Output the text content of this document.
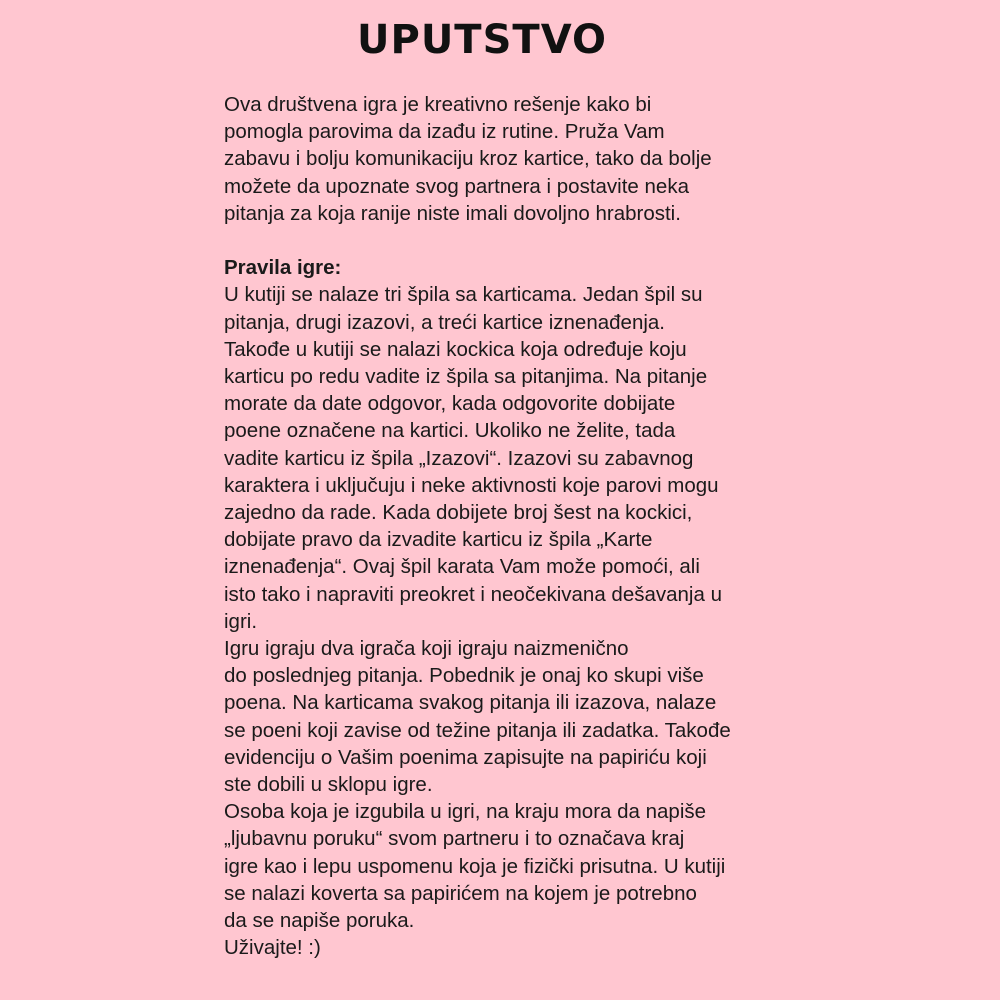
UPUTSTVO
Ova društvena igra je kreativno rešenje kako bi
pomogla parovima da izađu iz rutine. Pruža Vam
zabavu i bolju komunikaciju kroz kartice, tako da bolje
možete da upoznate svog partnera i postavite neka
pitanja za koja ranije niste imali dovoljno hrabrosti.
Pravila igre:
U kutiji se nalaze tri špila sa karticama. Jedan špil su
pitanja, drugi izazovi, a treći kartice iznenađenja.
Takođe u kutiji se nalazi kockica koja određuje koju
karticu po redu vadite iz špila sa pitanjima. Na pitanje
morate da date odgovor, kada odgovorite dobijate
poene označene na kartici. Ukoliko ne želite, tada
vadite karticu iz špila „Izazovi“. Izazovi su zabavnog
karaktera i uključuju i neke aktivnosti koje parovi mogu
zajedno da rade. Kada dobijete broj šest na kockici,
dobijate pravo da izvadite karticu iz špila „Karte
iznenađenja“. Ovaj špil karata Vam može pomoći, ali
isto tako i napraviti preokret i neočekivana dešavanja u
igri.
Igru igraju dva igrača koji igraju naizmenično
do poslednjeg pitanja. Pobednik je onaj ko skupi više
poena. Na karticama svakog pitanja ili izazova, nalaze
se poeni koji zavise od težine pitanja ili zadatka. Takođe
evidenciju o Vašim poenima zapisujte na papiriću koji
ste dobili u sklopu igre.
Osoba koja je izgubila u igri, na kraju mora da napiše
„ljubavnu poruku“ svom partneru i to označava kraj
igre kao i lepu uspomenu koja je fizički prisutna. U kutiji
se nalazi koverta sa papirićem na kojem je potrebno
da se napiše poruka.
Uživajte! :)
